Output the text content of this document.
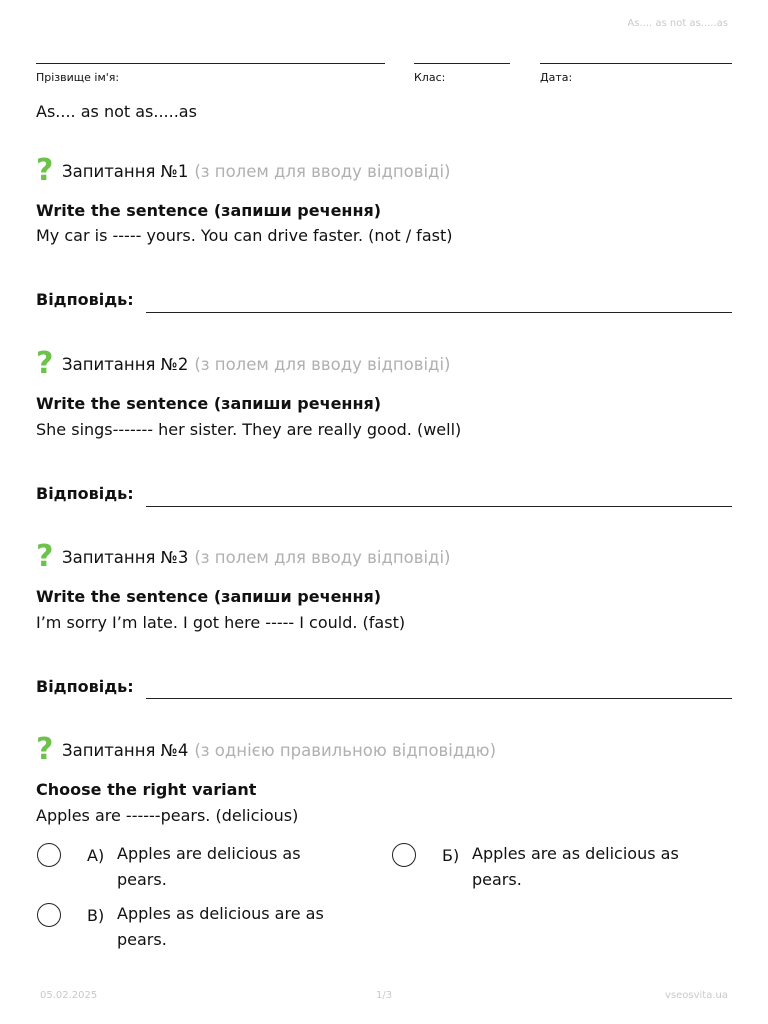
As.... as not as.....as
Прізвище ім'я:	Клас:	Дата:
As.... as not as.....as
? Запитання №1 (з полем для вводу відповіді)
Write the sentence (запиши речення)
My car is ----- yours. You can drive faster. (not / fast)
Відповідь:
? Запитання №2 (з полем для вводу відповіді)
Write the sentence (запиши речення)
She sings------- her sister. They are really good. (well)
Відповідь:
? Запитання №3 (з полем для вводу відповіді)
Write the sentence (запиши речення)
I’m sorry I’m late. I got here ----- I could. (fast)
Відповідь:
? Запитання №4 (з однією правильною відповіддю)
Choose the right variant
Apples are ------pears. (delicious)
А) Apples are delicious as pears.
Б) Apples are as delicious as pears.
В) Apples as delicious are as pears.
05.02.2025	1/3	vseosvita.ua
